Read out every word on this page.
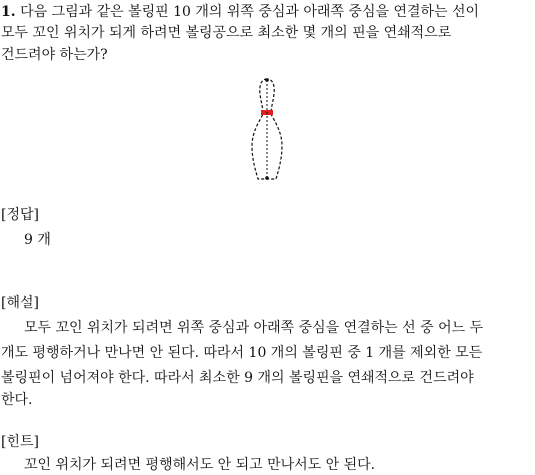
1. 다음 그림과 같은 볼링핀 10 개의 위쪽 중심과 아래쪽 중심을 연결하는 선이
모두 꼬인 위치가 되게 하려면 볼링공으로 최소한 몇 개의 핀을 연쇄적으로
건드려야 하는가?
[정답]
9 개
[해설]
모두 꼬인 위치가 되려면 위쪽 중심과 아래쪽 중심을 연결하는 선 중 어느 두
개도 평행하거나 만나면 안 된다. 따라서 10 개의 볼링핀 중 1 개를 제외한 모든
볼링핀이 넘어져야 한다. 따라서 최소한 9 개의 볼링핀을 연쇄적으로 건드려야
한다.
[힌트]
꼬인 위치가 되려면 평행해서도 안 되고 만나서도 안 된다.
